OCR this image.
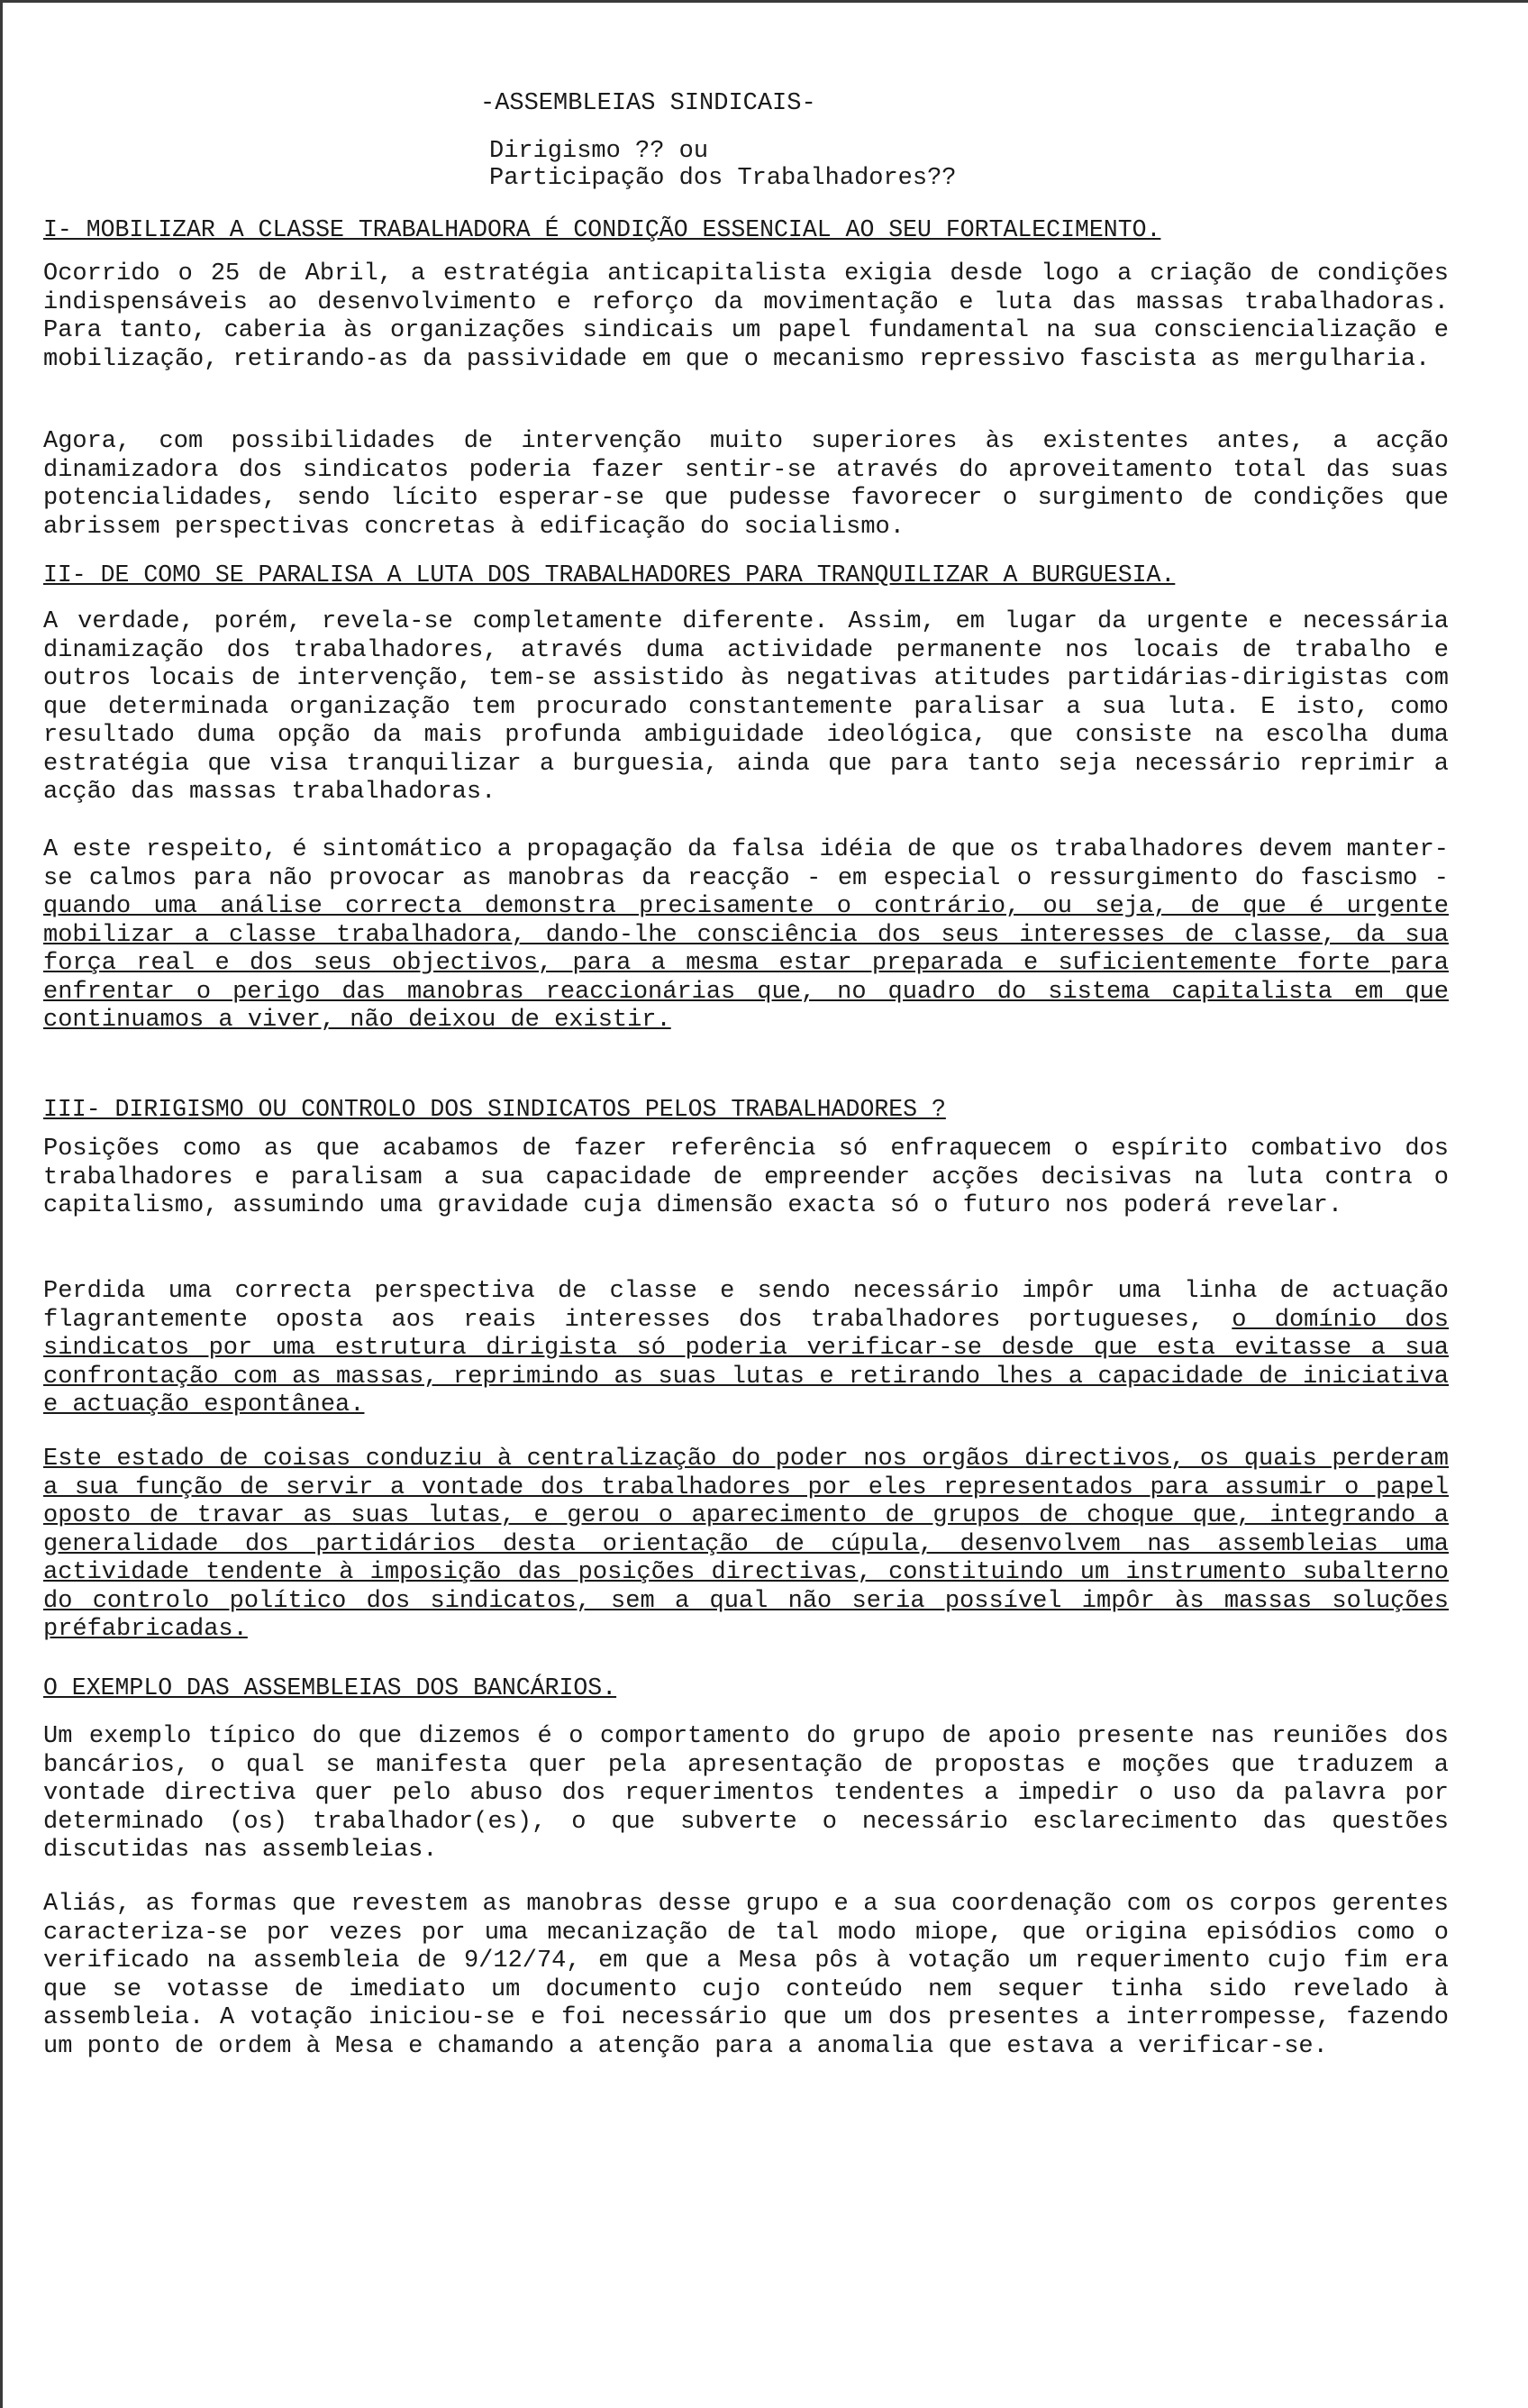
-ASSEMBLEIAS SINDICAIS-
Dirigismo ?? ou
Participação dos Trabalhadores??
I- MOBILIZAR A CLASSE TRABALHADORA É CONDIÇÃO ESSENCIAL AO SEU FORTALECIMENTO.

Ocorrido o 25 de Abril, a estratégia anticapitalista exigia desde logo a criação de condições indispensáveis ao desenvolvimento e reforço da movimentação e luta das massas trabalhadoras. Para tanto, caberia às organizações sindicais um papel fundamental na sua consciencialização e mobilização, retirando-as da passividade em que o mecanismo repressivo fascista as mergulharia.

Agora, com possibilidades de intervenção muito superiores às existentes antes, a acção dinamizadora dos sindicatos poderia fazer sentir-se através do aproveitamento total das suas potencialidades, sendo lícito esperar-se que pudesse favorecer o surgimento de condições que abrissem perspectivas concretas à edificação do socialismo.

II- DE COMO SE PARALISA A LUTA DOS TRABALHADORES PARA TRANQUILIZAR A BURGUESIA.

A verdade, porém, revela-se completamente diferente. Assim, em lugar da urgente e necessária dinamização dos trabalhadores, através duma actividade permanente nos locais de trabalho e outros locais de intervenção, tem-se assistido às negativas atitudes partidárias-dirigistas com que determinada organização tem procurado constantemente paralisar a sua luta. E isto, como resultado duma opção da mais profunda ambiguidade ideológica, que consiste na escolha duma estratégia que visa tranquilizar a burguesia, ainda que para tanto seja necessário reprimir a acção das massas trabalhadoras.

A este respeito, é sintomático a propagação da falsa idéia de que os trabalhadores devem manter-se calmos para não provocar as manobras da reacção - em especial o ressurgimento do fascismo - quando uma análise correcta demonstra precisamente o contrário, ou seja, de que é urgente mobilizar a classe trabalhadora, dando-lhe consciência dos seus interesses de classe, da sua força real e dos seus objectivos, para a mesma estar preparada e suficientemente forte para enfrentar o perigo das manobras reaccionárias que, no quadro do sistema capitalista em que continuamos a viver, não deixou de existir.

III- DIRIGISMO OU CONTROLO DOS SINDICATOS PELOS TRABALHADORES ?

Posições como as que acabamos de fazer referência só enfraquecem o espírito combativo dos trabalhadores e paralisam a sua capacidade de empreender acções decisivas na luta contra o capitalismo, assumindo uma gravidade cuja dimensão exacta só o futuro nos poderá revelar.

Perdida uma correcta perspectiva de classe e sendo necessário impôr uma linha de actuação flagrantemente oposta aos reais interesses dos trabalhadores portugueses, o domínio dos sindicatos por uma estrutura dirigista só poderia verificar-se desde que esta evitasse a sua confrontação com as massas, reprimindo as suas lutas e retirando lhes a capacidade de iniciativa e actuação espontânea.

Este estado de coisas conduziu à centralização do poder nos orgãos directivos, os quais perderam a sua função de servir a vontade dos trabalhadores por eles representados para assumir o papel oposto de travar as suas lutas, e gerou o aparecimento de grupos de choque que, integrando a generalidade dos partidários desta orientação de cúpula, desenvolvem nas assembleias uma actividade tendente à imposição das posições directivas, constituindo um instrumento subalterno do controlo político dos sindicatos, sem a qual não seria possível impôr às massas soluções préfabricadas.

O EXEMPLO DAS ASSEMBLEIAS DOS BANCÁRIOS.

Um exemplo típico do que dizemos é o comportamento do grupo de apoio presente nas reuniões dos bancários, o qual se manifesta quer pela apresentação de propostas e moções que traduzem a vontade directiva quer pelo abuso dos requerimentos tendentes a impedir o uso da palavra por determinado (os) trabalhador(es), o que subverte o necessário esclarecimento das questões discutidas nas assembleias.

Aliás, as formas que revestem as manobras desse grupo e a sua coordenação com os corpos gerentes caracteriza-se por vezes por uma mecanização de tal modo miope, que origina episódios como o verificado na assembleia de 9/12/74, em que a Mesa pôs à votação um requerimento cujo fim era que se votasse de imediato um documento cujo conteúdo nem sequer tinha sido revelado à assembleia. A votação iniciou-se e foi necessário que um dos presentes a interrompesse, fazendo um ponto de ordem à Mesa e chamando a atenção para a anomalia que estava a verificar-se.
